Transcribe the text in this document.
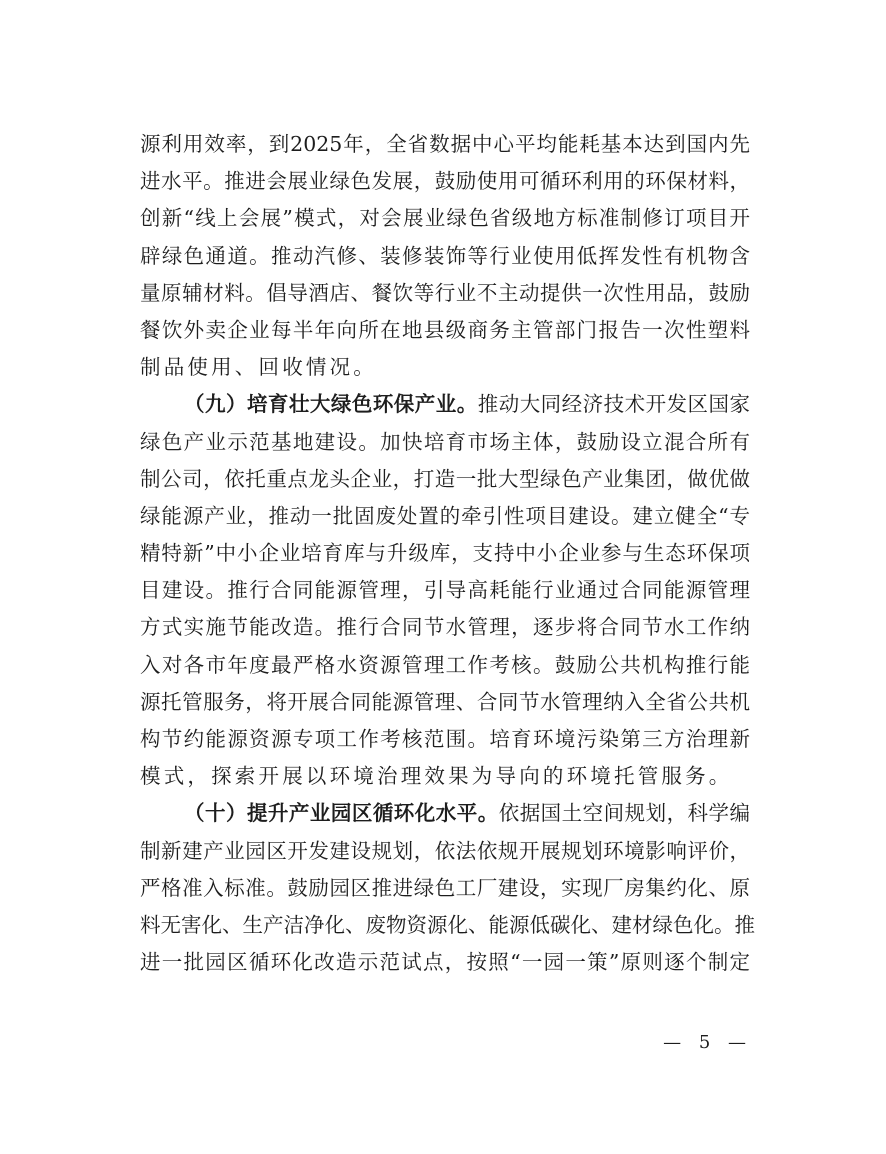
源利用效率，到2025年，全省数据中心平均能耗基本达到国内先
进水平。推进会展业绿色发展，鼓励使用可循环利用的环保材料，
创新“线上会展”模式，对会展业绿色省级地方标准制修订项目开
辟绿色通道。推动汽修、装修装饰等行业使用低挥发性有机物含
量原辅材料。倡导酒店、餐饮等行业不主动提供一次性用品，鼓励
餐饮外卖企业每半年向所在地县级商务主管部门报告一次性塑料
制品使用、回收情况。
（九）培育壮大绿色环保产业。推动大同经济技术开发区国家
绿色产业示范基地建设。加快培育市场主体，鼓励设立混合所有
制公司，依托重点龙头企业，打造一批大型绿色产业集团，做优做
绿能源产业，推动一批固废处置的牵引性项目建设。建立健全“专
精特新”中小企业培育库与升级库，支持中小企业参与生态环保项
目建设。推行合同能源管理，引导高耗能行业通过合同能源管理
方式实施节能改造。推行合同节水管理，逐步将合同节水工作纳
入对各市年度最严格水资源管理工作考核。鼓励公共机构推行能
源托管服务，将开展合同能源管理、合同节水管理纳入全省公共机
构节约能源资源专项工作考核范围。培育环境污染第三方治理新
模式，探索开展以环境治理效果为导向的环境托管服务。
（十）提升产业园区循环化水平。依据国土空间规划，科学编
制新建产业园区开发建设规划，依法依规开展规划环境影响评价，
严格准入标准。鼓励园区推进绿色工厂建设，实现厂房集约化、原
料无害化、生产洁净化、废物资源化、能源低碳化、建材绿色化。推
进一批园区循环化改造示范试点，按照“一园一策”原则逐个制定
— 5 —
